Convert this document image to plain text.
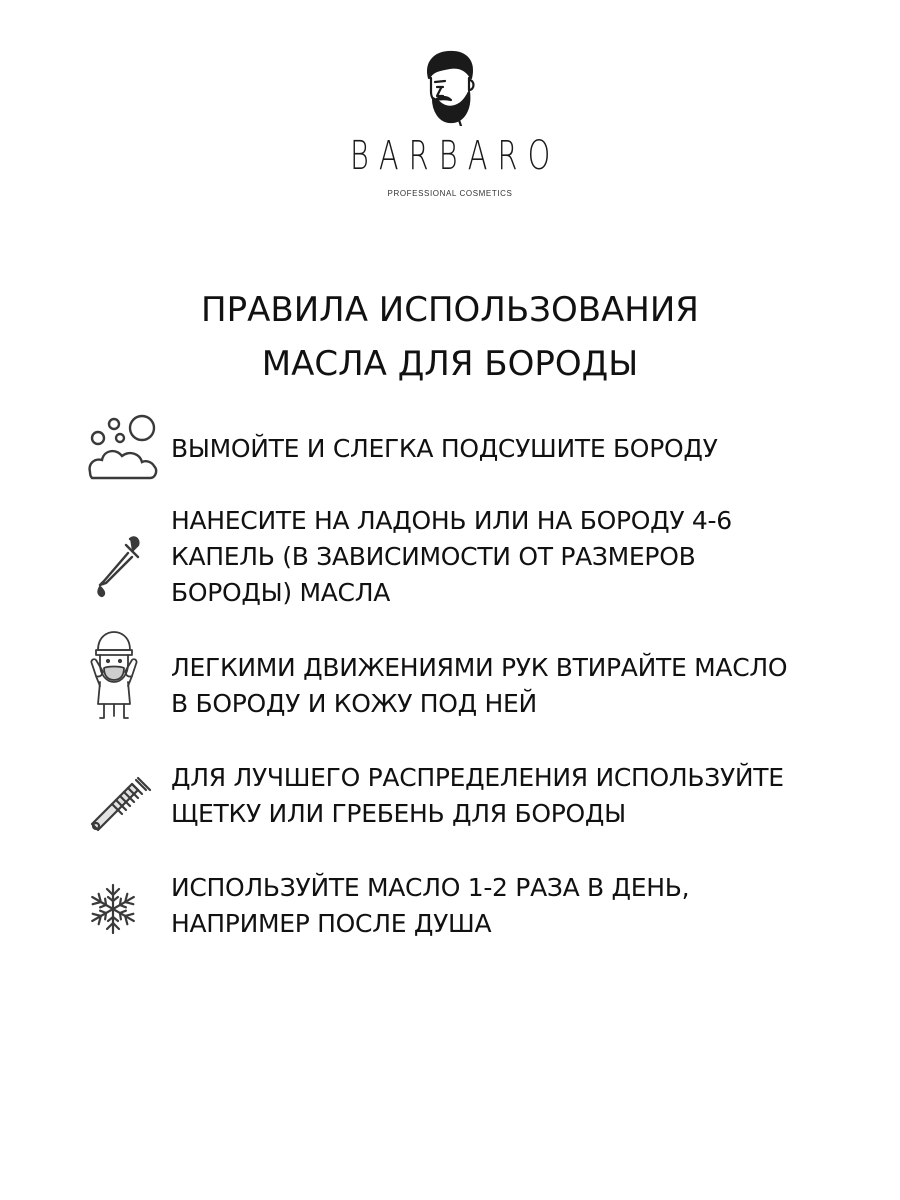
BARBARO
PROFESSIONAL COSMETICS
ПРАВИЛА ИСПОЛЬЗОВАНИЯ
МАСЛА ДЛЯ БОРОДЫ
ВЫМОЙТЕ И СЛЕГКА ПОДСУШИТЕ БОРОДУ
НАНЕСИТЕ НА ЛАДОНЬ ИЛИ НА БОРОДУ 4-6
КАПЕЛЬ (В ЗАВИСИМОСТИ ОТ РАЗМЕРОВ
БОРОДЫ) МАСЛА
ЛЕГКИМИ ДВИЖЕНИЯМИ РУК ВТИРАЙТЕ МАСЛО
В БОРОДУ И КОЖУ ПОД НЕЙ
ДЛЯ ЛУЧШЕГО РАСПРЕДЕЛЕНИЯ ИСПОЛЬЗУЙТЕ
ЩЕТКУ ИЛИ ГРЕБЕНЬ ДЛЯ БОРОДЫ
ИСПОЛЬЗУЙТЕ МАСЛО 1-2 РАЗА В ДЕНЬ,
НАПРИМЕР ПОСЛЕ ДУША
